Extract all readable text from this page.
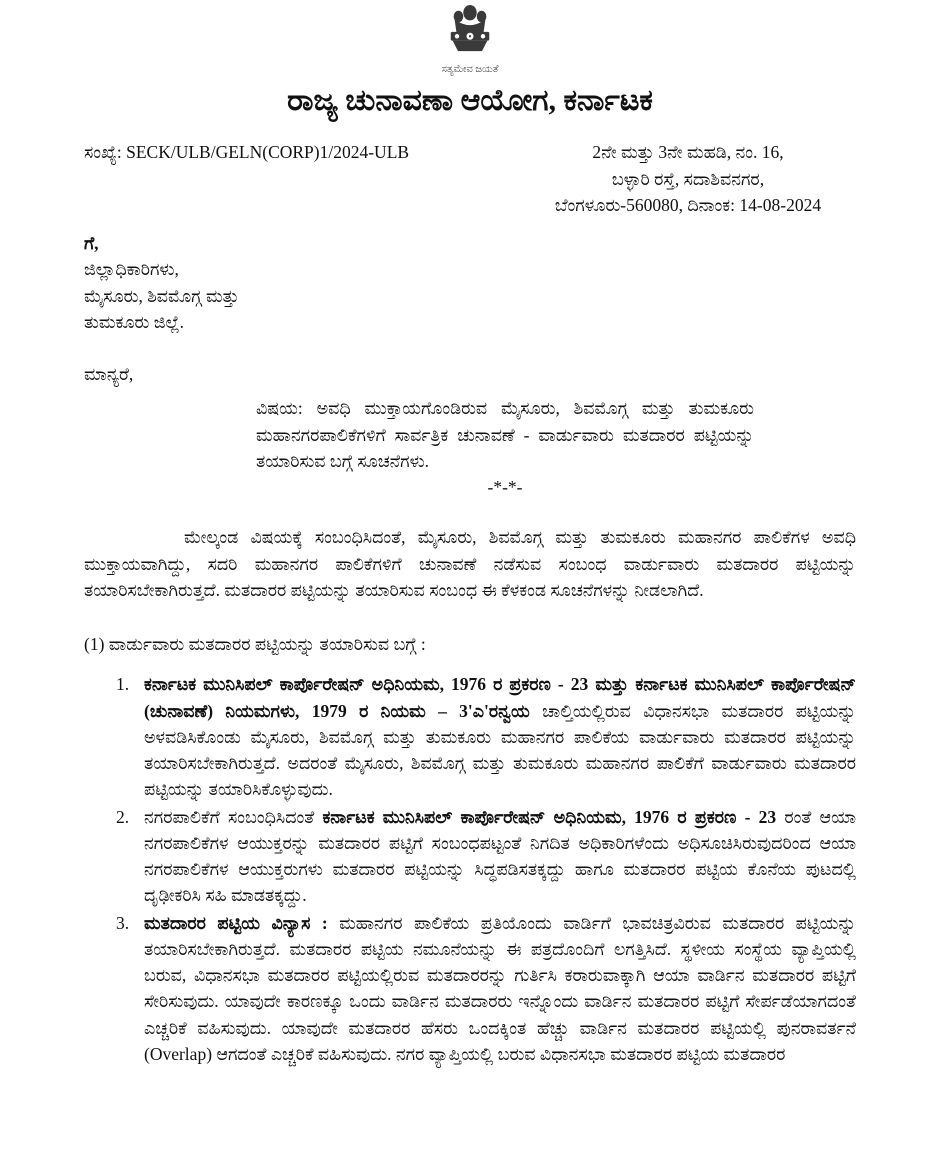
ಸತ್ಯಮೇವ ಜಯತೆ
ರಾಜ್ಯ ಚುನಾವಣಾ ಆಯೋಗ, ಕರ್ನಾಟಕ
ಸಂಖ್ಯೆ: SECK/ULB/GELN(CORP)1/2024-ULB	2ನೇ ಮತ್ತು 3ನೇ ಮಹಡಿ, ನಂ. 16,
ಬಳ್ಳಾರಿ ರಸ್ತೆ, ಸದಾಶಿವನಗರ,
ಬೆಂಗಳೂರು-560080, ದಿನಾಂಕ: 14-08-2024
ಗೆ,
ಜಿಲ್ಲಾಧಿಕಾರಿಗಳು,
ಮೈಸೂರು, ಶಿವಮೊಗ್ಗ ಮತ್ತು
ತುಮಕೂರು ಜಿಲ್ಲೆ.
ಮಾನ್ಯರೆ,
ವಿಷಯ: ಅವಧಿ ಮುಕ್ತಾಯಗೊಂಡಿರುವ ಮೈಸೂರು, ಶಿವಮೊಗ್ಗ ಮತ್ತು ತುಮಕೂರು ಮಹಾನಗರಪಾಲಿಕೆಗಳಿಗೆ ಸಾರ್ವತ್ರಿಕ ಚುನಾವಣೆ - ವಾರ್ಡುವಾರು ಮತದಾರರ ಪಟ್ಟಿಯನ್ನು ತಯಾರಿಸುವ ಬಗ್ಗೆ ಸೂಚನೆಗಳು.
-*-*-

ಮೇಲ್ಕಂಡ ವಿಷಯಕ್ಕೆ ಸಂಬಂಧಿಸಿದಂತೆ, ಮೈಸೂರು, ಶಿವಮೊಗ್ಗ ಮತ್ತು ತುಮಕೂರು ಮಹಾನಗರ ಪಾಲಿಕೆಗಳ ಅವಧಿ ಮುಕ್ತಾಯವಾಗಿದ್ದು, ಸದರಿ ಮಹಾನಗರ ಪಾಲಿಕೆಗಳಿಗೆ ಚುನಾವಣೆ ನಡೆಸುವ ಸಂಬಂಧ ವಾರ್ಡುವಾರು ಮತದಾರರ ಪಟ್ಟಿಯನ್ನು ತಯಾರಿಸಬೇಕಾಗಿರುತ್ತದೆ. ಮತದಾರರ ಪಟ್ಟಿಯನ್ನು ತಯಾರಿಸುವ ಸಂಬಂಧ ಈ ಕೆಳಕಂಡ ಸೂಚನೆಗಳನ್ನು ನೀಡಲಾಗಿದೆ.

(1) ವಾರ್ಡುವಾರು ಮತದಾರರ ಪಟ್ಟಿಯನ್ನು ತಯಾರಿಸುವ ಬಗ್ಗೆ :
1. ಕರ್ನಾಟಕ ಮುನಿಸಿಪಲ್ ಕಾರ್ಪೊರೇಷನ್ ಅಧಿನಿಯಮ, 1976 ರ ಪ್ರಕರಣ - 23 ಮತ್ತು ಕರ್ನಾಟಕ ಮುನಿಸಿಪಲ್ ಕಾರ್ಪೊರೇಷನ್ (ಚುನಾವಣೆ) ನಿಯಮಗಳು, 1979 ರ ನಿಯಮ – 3'ಎ'ರನ್ವಯ ಚಾಲ್ತಿಯಲ್ಲಿರುವ ವಿಧಾನಸಭಾ ಮತದಾರರ ಪಟ್ಟಿಯನ್ನು ಅಳವಡಿಸಿಕೊಂಡು ಮೈಸೂರು, ಶಿವಮೊಗ್ಗ ಮತ್ತು ತುಮಕೂರು ಮಹಾನಗರ ಪಾಲಿಕೆಯ ವಾರ್ಡುವಾರು ಮತದಾರರ ಪಟ್ಟಿಯನ್ನು ತಯಾರಿಸಬೇಕಾಗಿರುತ್ತದೆ. ಅದರಂತೆ ಮೈಸೂರು, ಶಿವಮೊಗ್ಗ ಮತ್ತು ತುಮಕೂರು ಮಹಾನಗರ ಪಾಲಿಕೆಗೆ ವಾರ್ಡುವಾರು ಮತದಾರರ ಪಟ್ಟಿಯನ್ನು ತಯಾರಿಸಿಕೊಳ್ಳುವುದು.
2. ನಗರಪಾಲಿಕೆಗೆ ಸಂಬಂಧಿಸಿದಂತೆ ಕರ್ನಾಟಕ ಮುನಿಸಿಪಲ್ ಕಾರ್ಪೊರೇಷನ್ ಅಧಿನಿಯಮ, 1976 ರ ಪ್ರಕರಣ - 23 ರಂತೆ ಆಯಾ ನಗರಪಾಲಿಕೆಗಳ ಆಯುಕ್ತರನ್ನು ಮತದಾರರ ಪಟ್ಟಿಗೆ ಸಂಬಂಧಪಟ್ಟಂತೆ ನಿಗದಿತ ಅಧಿಕಾರಿಗಳೆಂದು ಅಧಿಸೂಚಿಸಿರುವುದರಿಂದ ಆಯಾ ನಗರಪಾಲಿಕೆಗಳ ಆಯುಕ್ತರುಗಳು ಮತದಾರರ ಪಟ್ಟಿಯನ್ನು ಸಿದ್ಧಪಡಿಸತಕ್ಕದ್ದು ಹಾಗೂ ಮತದಾರರ ಪಟ್ಟಿಯ ಕೊನೆಯ ಪುಟದಲ್ಲಿ ದೃಢೀಕರಿಸಿ ಸಹಿ ಮಾಡತಕ್ಕದ್ದು.
3. ಮತದಾರರ ಪಟ್ಟಿಯ ವಿನ್ಯಾಸ : ಮಹಾನಗರ ಪಾಲಿಕೆಯ ಪ್ರತಿಯೊಂದು ವಾರ್ಡಿಗೆ ಭಾವಚಿತ್ರವಿರುವ ಮತದಾರರ ಪಟ್ಟಿಯನ್ನು ತಯಾರಿಸಬೇಕಾಗಿರುತ್ತದೆ. ಮತದಾರರ ಪಟ್ಟಿಯ ನಮೂನೆಯನ್ನು ಈ ಪತ್ರದೊಂದಿಗೆ ಲಗತ್ತಿಸಿದೆ. ಸ್ಥಳೀಯ ಸಂಸ್ಥೆಯ ವ್ಯಾಪ್ತಿಯಲ್ಲಿ ಬರುವ, ವಿಧಾನಸಭಾ ಮತದಾರರ ಪಟ್ಟಿಯಲ್ಲಿರುವ ಮತದಾರರನ್ನು ಗುರ್ತಿಸಿ ಕರಾರುವಾಕ್ಕಾಗಿ ಆಯಾ ವಾರ್ಡಿನ ಮತದಾರರ ಪಟ್ಟಿಗೆ ಸೇರಿಸುವುದು. ಯಾವುದೇ ಕಾರಣಕ್ಕೂ ಒಂದು ವಾರ್ಡಿನ ಮತದಾರರು ಇನ್ನೊಂದು ವಾರ್ಡಿನ ಮತದಾರರ ಪಟ್ಟಿಗೆ ಸೇರ್ಪಡೆಯಾಗದಂತೆ ಎಚ್ಚರಿಕೆ ವಹಿಸುವುದು. ಯಾವುದೇ ಮತದಾರರ ಹೆಸರು ಒಂದಕ್ಕಿಂತ ಹೆಚ್ಚು ವಾರ್ಡಿನ ಮತದಾರರ ಪಟ್ಟಿಯಲ್ಲಿ ಪುನರಾವರ್ತನೆ (Overlap) ಆಗದಂತೆ ಎಚ್ಚರಿಕೆ ವಹಿಸುವುದು. ನಗರ ವ್ಯಾಪ್ತಿಯಲ್ಲಿ ಬರುವ ವಿಧಾನಸಭಾ ಮತದಾರರ ಪಟ್ಟಿಯ ಮತದಾರರ
